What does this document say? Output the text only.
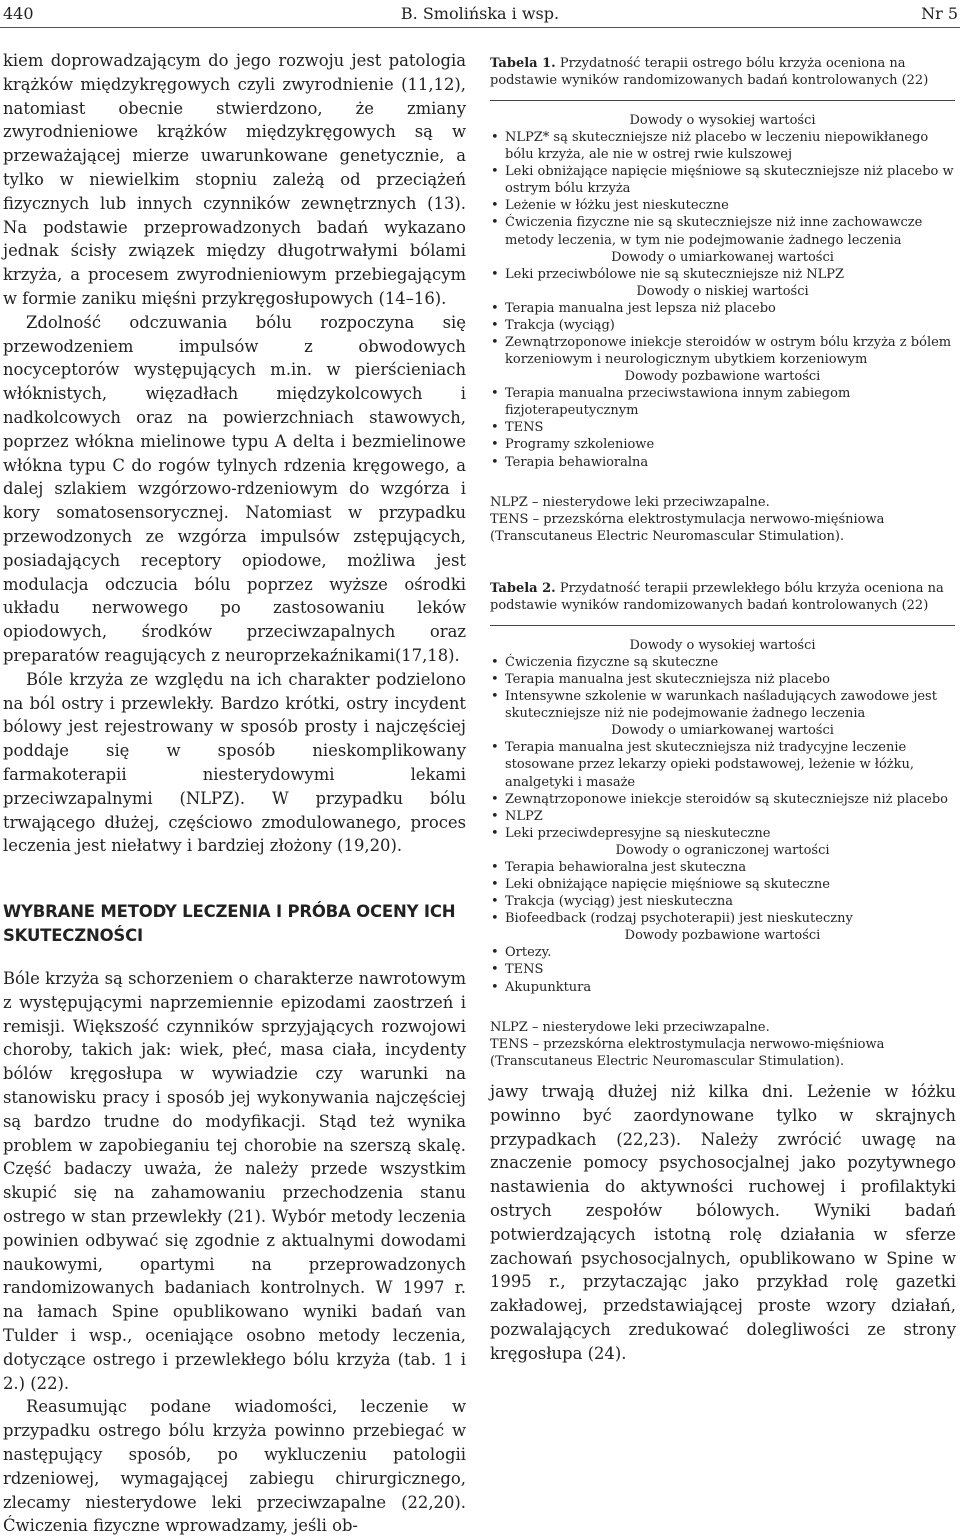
440	B. Smolińska i wsp.	Nr 5

kiem doprowadzającym do jego rozwoju jest patologia krążków międzykręgowych czyli zwyrodnienie (11,12), natomiast obecnie stwierdzono, że zmiany zwyrodnieniowe krążków międzykręgowych są w przeważającej mierze uwarunkowane genetycznie, a tylko w niewielkim stopniu zależą od przeciążeń fizycznych lub innych czynników zewnętrznych (13). Na podstawie przeprowadzonych badań wykazano jednak ścisły związek między długotrwałymi bólami krzyża, a procesem zwyrodnieniowym przebiegającym w formie zaniku mięśni przykręgosłupowych (14–16).

Zdolność odczuwania bólu rozpoczyna się przewodzeniem impulsów z obwodowych nocyceptorów występujących m.in. w pierścieniach włóknistych, więzadłach międzykolcowych i nadkolcowych oraz na powierzchniach stawowych, poprzez włókna mielinowe typu A delta i bezmielinowe włókna typu C do rogów tylnych rdzenia kręgowego, a dalej szlakiem wzgórzowo-rdzeniowym do wzgórza i kory somatosensorycznej. Natomiast w przypadku przewodzonych ze wzgórza impulsów zstępujących, posiadających receptory opiodowe, możliwa jest modulacja odczucia bólu poprzez wyższe ośrodki układu nerwowego po zastosowaniu leków opiodowych, środków przeciwzapalnych oraz preparatów reagujących z neuroprzekaźnikami(17,18).

Bóle krzyża ze względu na ich charakter podzielono na ból ostry i przewlekły. Bardzo krótki, ostry incydent bólowy jest rejestrowany w sposób prosty i najczęściej poddaje się w sposób nieskomplikowany farmakoterapii niesterydowymi lekami przeciwzapalnymi (NLPZ). W przypadku bólu trwającego dłużej, częściowo zmodulowanego, proces leczenia jest niełatwy i bardziej złożony (19,20).

WYBRANE METODY LECZENIA I PRÓBA OCENY ICH SKUTECZNOŚCI

Bóle krzyża są schorzeniem o charakterze nawrotowym z występującymi naprzemiennie epizodami zaostrzeń i remisji. Większość czynników sprzyjających rozwojowi choroby, takich jak: wiek, płeć, masa ciała, incydenty bólów kręgosłupa w wywiadzie czy warunki na stanowisku pracy i sposób jej wykonywania najczęściej są bardzo trudne do modyfikacji. Stąd też wynika problem w zapobieganiu tej chorobie na szerszą skalę. Część badaczy uważa, że należy przede wszystkim skupić się na zahamowaniu przechodzenia stanu ostrego w stan przewlekły (21). Wybór metody leczenia powinien odbywać się zgodnie z aktualnymi dowodami naukowymi, opartymi na przeprowadzonych randomizowanych badaniach kontrolnych. W 1997 r. na łamach Spine opublikowano wyniki badań van Tulder i wsp., oceniające osobno metody leczenia, dotyczące ostrego i przewlekłego bólu krzyża (tab. 1 i 2.) (22).

Reasumując podane wiadomości, leczenie w przypadku ostrego bólu krzyża powinno przebiegać w następujący sposób, po wykluczeniu patologii rdzeniowej, wymagającej zabiegu chirurgicznego, zlecamy niesterydowe leki przeciwzapalne (22,20). Ćwiczenia fizyczne wprowadzamy, jeśli ob-

Tabela 1. Przydatność terapii ostrego bólu krzyża oceniona na podstawie wyników randomizowanych badań kontrolowanych (22)

Dowody o wysokiej wartości
• NLPZ* są skuteczniejsze niż placebo w leczeniu niepowikłanego bólu krzyża, ale nie w ostrej rwie kulszowej
• Leki obniżające napięcie mięśniowe są skuteczniejsze niż placebo w ostrym bólu krzyża
• Leżenie w łóżku jest nieskuteczne
• Ćwiczenia fizyczne nie są skuteczniejsze niż inne zachowawcze metody leczenia, w tym nie podejmowanie żadnego leczenia
Dowody o umiarkowanej wartości
• Leki przeciwbólowe nie są skuteczniejsze niż NLPZ
Dowody o niskiej wartości
• Terapia manualna jest lepsza niż placebo
• Trakcja (wyciąg)
• Zewnątrzoponowe iniekcje steroidów w ostrym bólu krzyża z bólem korzeniowym i neurologicznym ubytkiem korzeniowym
Dowody pozbawione wartości
• Terapia manualna przeciwstawiona innym zabiegom fizjoterapeutycznym
• TENS
• Programy szkoleniowe
• Terapia behawioralna

NLPZ – niesterydowe leki przeciwzapalne.

TENS – przezskórna elektrostymulacja nerwowo-mięśniowa (Transcutaneus Electric Neuromascular Stimulation).

Tabela 2. Przydatność terapii przewlekłego bólu krzyża oceniona na podstawie wyników randomizowanych badań kontrolowanych (22)

Dowody o wysokiej wartości
• Ćwiczenia fizyczne są skuteczne
• Terapia manualna jest skuteczniejsza niż placebo
• Intensywne szkolenie w warunkach naśladujących zawodowe jest skuteczniejsze niż nie podejmowanie żadnego leczenia
Dowody o umiarkowanej wartości
• Terapia manualna jest skuteczniejsza niż tradycyjne leczenie stosowane przez lekarzy opieki podstawowej, leżenie w łóżku, analgetyki i masaże
• Zewnątrzoponowe iniekcje steroidów są skuteczniejsze niż placebo
• NLPZ
• Leki przeciwdepresyjne są nieskuteczne
Dowody o ograniczonej wartości
• Terapia behawioralna jest skuteczna
• Leki obniżające napięcie mięśniowe są skuteczne
• Trakcja (wyciąg) jest nieskuteczna
• Biofeedback (rodzaj psychoterapii) jest nieskuteczny
Dowody pozbawione wartości
• Ortezy.
• TENS
• Akupunktura

NLPZ – niesterydowe leki przeciwzapalne.

TENS – przezskórna elektrostymulacja nerwowo-mięśniowa (Transcutaneus Electric Neuromascular Stimulation).

jawy trwają dłużej niż kilka dni. Leżenie w łóżku powinno być zaordynowane tylko w skrajnych przypadkach (22,23). Należy zwrócić uwagę na znaczenie pomocy psychosocjalnej jako pozytywnego nastawienia do aktywności ruchowej i profilaktyki ostrych zespołów bólowych. Wyniki badań potwierdzających istotną rolę działania w sferze zachowań psychosocjalnych, opublikowano w Spine w 1995 r., przytaczając jako przykład rolę gazetki zakładowej, przedstawiającej proste wzory działań, pozwalających zredukować dolegliwości ze strony kręgosłupa (24).
